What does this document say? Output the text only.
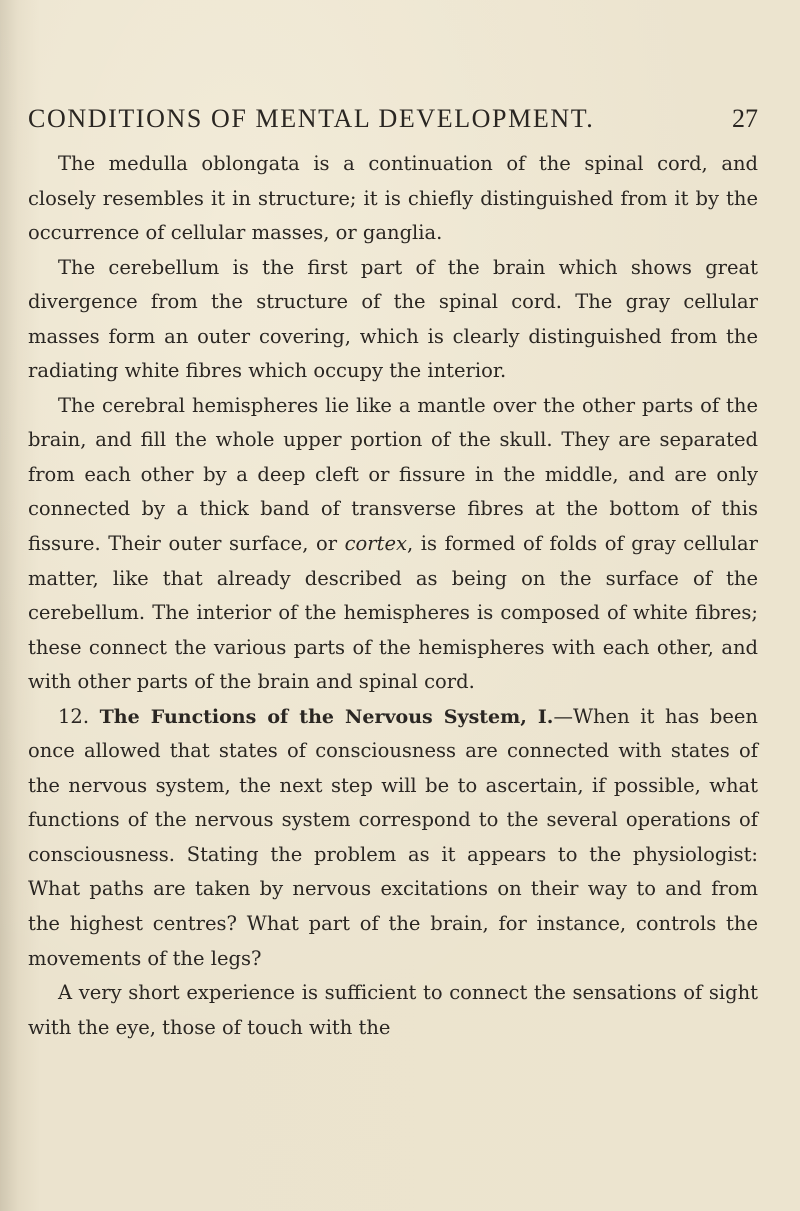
CONDITIONS OF MENTAL DEVELOPMENT.	27

The medulla oblongata is a continuation of the spinal cord, and closely resembles it in structure; it is chiefly distinguished from it by the occurrence of cellular masses, or ganglia.

The cerebellum is the first part of the brain which shows great divergence from the structure of the spinal cord. The gray cellular masses form an outer covering, which is clearly distinguished from the radiating white fibres which occupy the interior.

The cerebral hemispheres lie like a mantle over the other parts of the brain, and fill the whole upper portion of the skull. They are separated from each other by a deep cleft or fissure in the middle, and are only connected by a thick band of transverse fibres at the bottom of this fissure. Their outer surface, or cortex, is formed of folds of gray cellular matter, like that already described as being on the surface of the cerebellum. The interior of the hemispheres is composed of white fibres; these connect the various parts of the hemispheres with each other, and with other parts of the brain and spinal cord.

12. The Functions of the Nervous System, I.—When it has been once allowed that states of consciousness are connected with states of the nervous system, the next step will be to ascertain, if possible, what functions of the nervous system correspond to the several operations of consciousness. Stating the problem as it appears to the physiologist: What paths are taken by nervous excitations on their way to and from the highest centres? What part of the brain, for instance, controls the movements of the legs?

A very short experience is sufficient to connect the sensations of sight with the eye, those of touch with the
